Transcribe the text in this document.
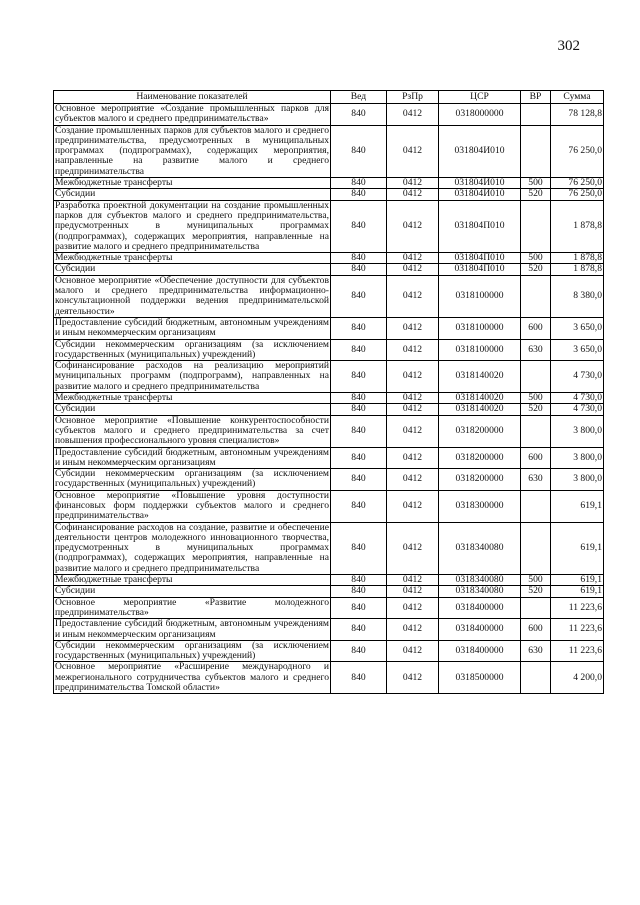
302
Наименование показателей	Вед	РзПр	ЦСР	ВР	Сумма
Основное мероприятие «Создание промышленных парков для субъектов малого и среднего предпринимательства»	840	0412	0318000000		78 128,8
Создание промышленных парков для субъектов малого и среднего предпринимательства, предусмотренных в муниципальных программах (подпрограммах), содержащих мероприятия, направленные на развитие малого и среднего предпринимательства	840	0412	031804И010		76 250,0
Межбюджетные трансферты	840	0412	031804И010	500	76 250,0
Субсидии	840	0412	031804И010	520	76 250,0
Разработка проектной документации на создание промышленных парков для субъектов малого и среднего предпринимательства, предусмотренных в муниципальных программах (подпрограммах), содержащих мероприятия, направленные на развитие малого и среднего предпринимательства	840	0412	031804П010		1 878,8
Межбюджетные трансферты	840	0412	031804П010	500	1 878,8
Субсидии	840	0412	031804П010	520	1 878,8
Основное мероприятие «Обеспечение доступности для субъектов малого и среднего предпринимательства информационно-консультационной поддержки ведения предпринимательской деятельности»	840	0412	0318100000		8 380,0
Предоставление субсидий бюджетным, автономным учреждениям и иным некоммерческим организациям	840	0412	0318100000	600	3 650,0
Субсидии некоммерческим организациям (за исключением государственных (муниципальных) учреждений)	840	0412	0318100000	630	3 650,0
Софинансирование расходов на реализацию мероприятий муниципальных программ (подпрограмм), направленных на развитие малого и среднего предпринимательства	840	0412	0318140020		4 730,0
Межбюджетные трансферты	840	0412	0318140020	500	4 730,0
Субсидии	840	0412	0318140020	520	4 730,0
Основное мероприятие «Повышение конкурентоспособности субъектов малого и среднего предпринимательства за счет повышения профессионального уровня специалистов»	840	0412	0318200000		3 800,0
Предоставление субсидий бюджетным, автономным учреждениям и иным некоммерческим организациям	840	0412	0318200000	600	3 800,0
Субсидии некоммерческим организациям (за исключением государственных (муниципальных) учреждений)	840	0412	0318200000	630	3 800,0
Основное мероприятие «Повышение уровня доступности финансовых форм поддержки субъектов малого и среднего предпринимательства»	840	0412	0318300000		619,1
Софинансирование расходов на создание, развитие и обеспечение деятельности центров молодежного инновационного творчества, предусмотренных в муниципальных программах (подпрограммах), содержащих мероприятия, направленные на развитие малого и среднего предпринимательства	840	0412	0318340080		619,1
Межбюджетные трансферты	840	0412	0318340080	500	619,1
Субсидии	840	0412	0318340080	520	619,1
Основное мероприятие «Развитие молодежного предпринимательства»	840	0412	0318400000		11 223,6
Предоставление субсидий бюджетным, автономным учреждениям и иным некоммерческим организациям	840	0412	0318400000	600	11 223,6
Субсидии некоммерческим организациям (за исключением государственных (муниципальных) учреждений)	840	0412	0318400000	630	11 223,6
Основное мероприятие «Расширение международного и межрегионального сотрудничества субъектов малого и среднего предпринимательства Томской области»	840	0412	0318500000		4 200,0
